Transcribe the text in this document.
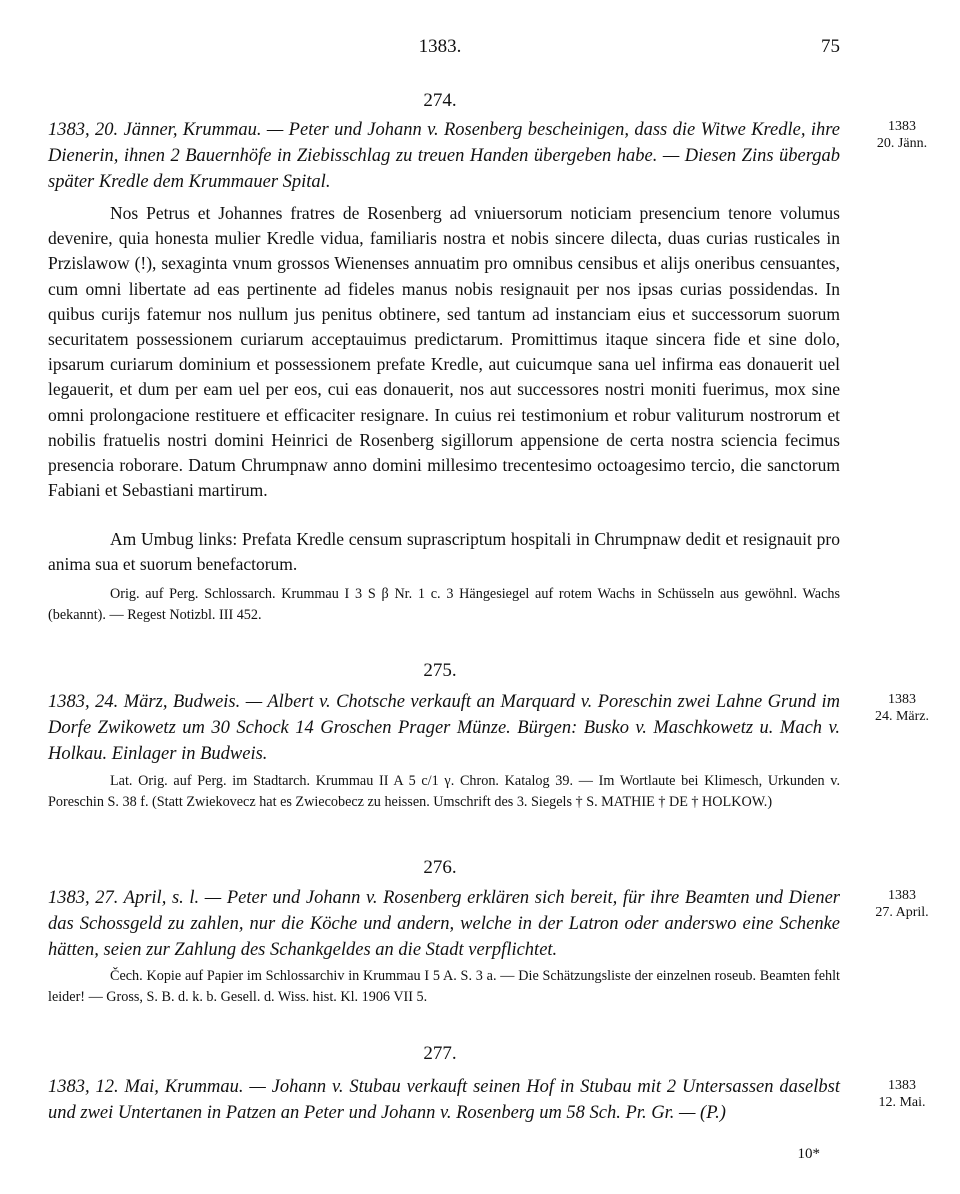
1383.	75
274.
1383, 20. Jänner, Krummau. — Peter und Johann v. Rosenberg bescheinigen, dass die Witwe Kredle, ihre Dienerin, ihnen 2 Bauernhöfe in Ziebisschlag zu treuen Handen übergeben habe. — Diesen Zins übergab später Kredle dem Krummauer Spital.
1383
20. Jänn.
Nos Petrus et Johannes fratres de Rosenberg ad vniuersorum noticiam presencium tenore volumus devenire, quia honesta mulier Kredle vidua, familiaris nostra et nobis sincere dilecta, duas curias rusticales in Przislawow (!), sexaginta vnum grossos Wienenses annuatim pro omnibus censibus et alijs oneribus censuantes, cum omni libertate ad eas pertinente ad fideles manus nobis resignauit per nos ipsas curias possidendas. In quibus curijs fatemur nos nullum jus penitus obtinere, sed tantum ad instanciam eius et successorum suorum securitatem possessionem curiarum acceptauimus predictarum. Promittimus itaque sincera fide et sine dolo, ipsarum curiarum dominium et possessionem prefate Kredle, aut cuicumque sana uel infirma eas donauerit uel legauerit, et dum per eam uel per eos, cui eas donauerit, nos aut successores nostri moniti fuerimus, mox sine omni prolongacione restituere et efficaciter resignare. In cuius rei testimonium et robur valiturum nostrorum et nobilis fratuelis nostri domini Heinrici de Rosenberg sigillorum appensione de certa nostra sciencia fecimus presencia roborare. Datum Chrumpnaw anno domini millesimo trecentesimo octoagesimo tercio, die sanctorum Fabiani et Sebastiani martirum.
Am Umbug links: Prefata Kredle censum suprascriptum hospitali in Chrumpnaw dedit et resignauit pro anima sua et suorum benefactorum.
Orig. auf Perg. Schlossarch. Krummau I 3 S β Nr. 1 c. 3 Hängesiegel auf rotem Wachs in Schüsseln aus gewöhnl. Wachs (bekannt). — Regest Notizbl. III 452.
275.
1383, 24. März, Budweis. — Albert v. Chotsche verkauft an Marquard v. Poreschin zwei Lahne Grund im Dorfe Zwikowetz um 30 Schock 14 Groschen Prager Münze. Bürgen: Busko v. Maschkowetz u. Mach v. Holkau. Einlager in Budweis.
1383
24. März.
Lat. Orig. auf Perg. im Stadtarch. Krummau II A 5 c/1 γ. Chron. Katalog 39. — Im Wortlaute bei Klimesch, Urkunden v. Poreschin S. 38 f. (Statt Zwiekovecz hat es Zwiecobecz zu heissen. Umschrift des 3. Siegels † S. MATHIE † DE † HOLKOW.)
276.
1383, 27. April, s. l. — Peter und Johann v. Rosenberg erklären sich bereit, für ihre Beamten und Diener das Schossgeld zu zahlen, nur die Köche und andern, welche in der Latron oder anderswo eine Schenke hätten, seien zur Zahlung des Schankgeldes an die Stadt verpflichtet.
1383
27. April.
Čech. Kopie auf Papier im Schlossarchiv in Krummau I 5 A. S. 3 a. — Die Schätzungsliste der einzelnen roseub. Beamten fehlt leider! — Gross, S. B. d. k. b. Gesell. d. Wiss. hist. Kl. 1906 VII 5.
277.
1383, 12. Mai, Krummau. — Johann v. Stubau verkauft seinen Hof in Stubau mit 2 Untersassen daselbst und zwei Untertanen in Patzen an Peter und Johann v. Rosenberg um 58 Sch. Pr. Gr. — (P.)
1383
12. Mai.
10*
